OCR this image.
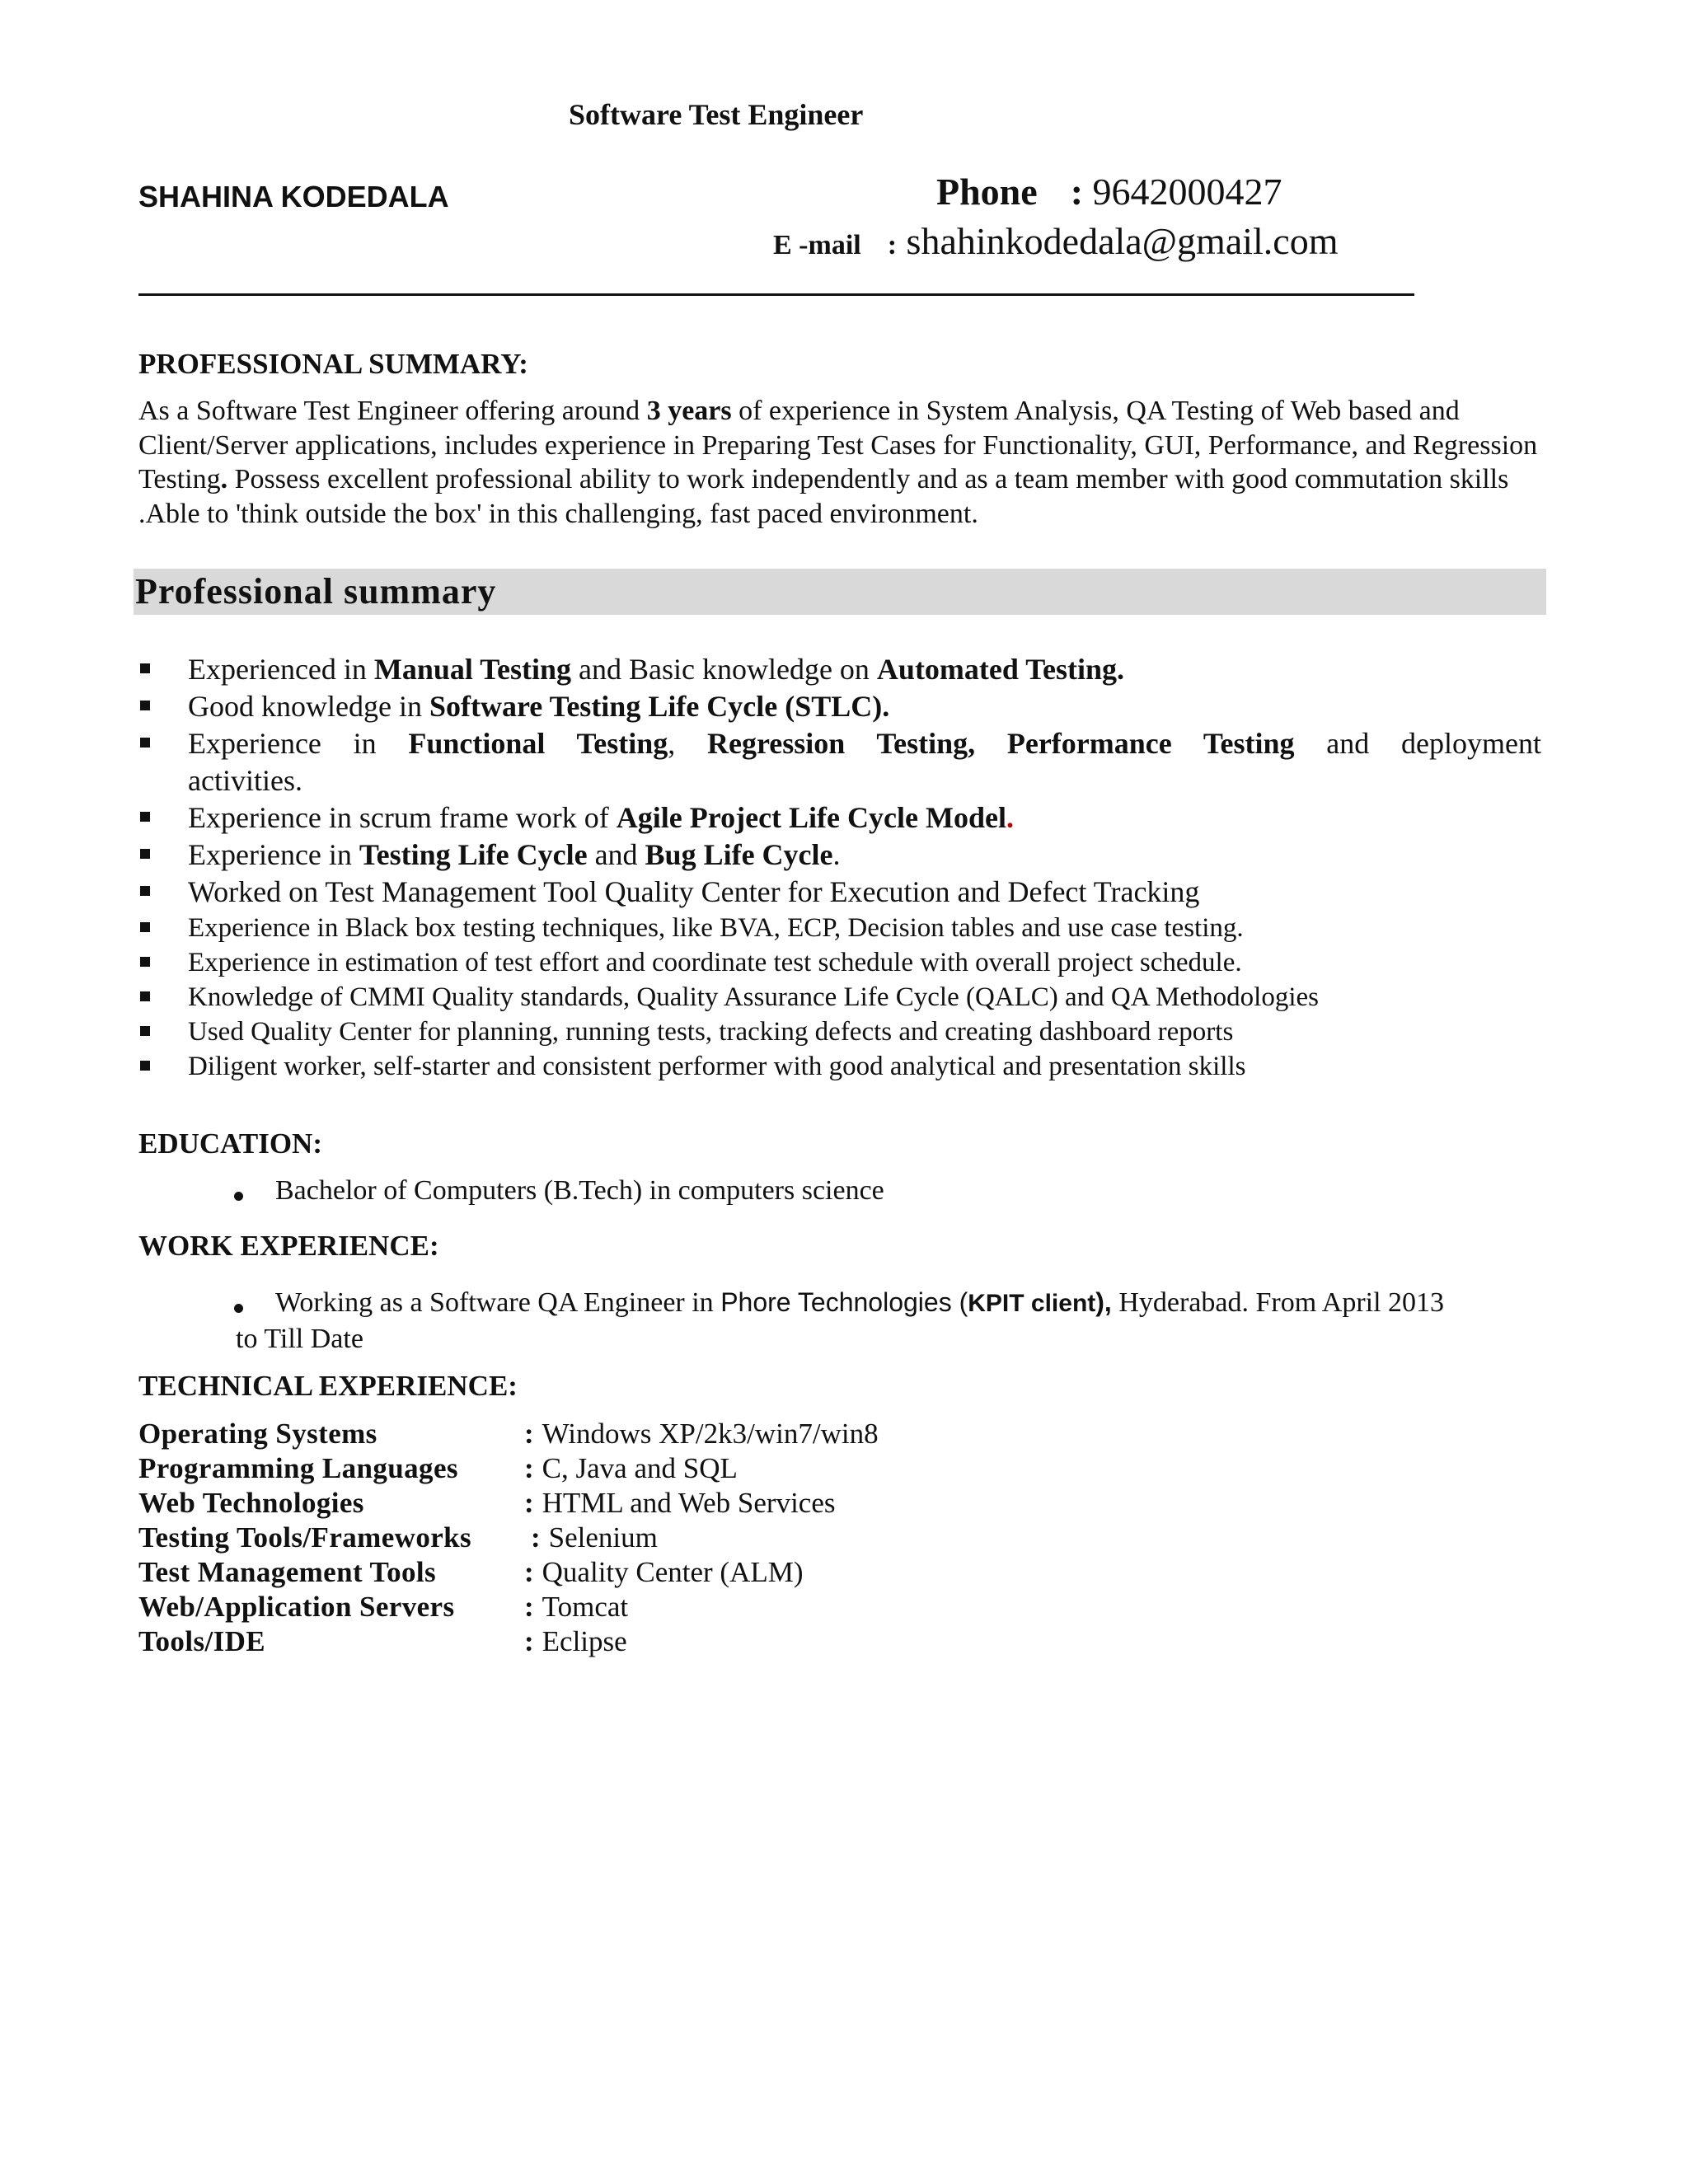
Software Test Engineer
SHAHINA KODEDALA	Phone : 9642000427
E -mail : shahinkodedala@gmail.com
PROFESSIONAL SUMMARY:
As a Software Test Engineer offering around 3 years of experience in System Analysis, QA Testing of Web based and Client/Server applications, includes experience in Preparing Test Cases for Functionality, GUI, Performance, and Regression Testing. Possess excellent professional ability to work independently and as a team member with good commutation skills .Able to 'think outside the box' in this challenging, fast paced environment.
Professional summary
Experienced in Manual Testing and Basic knowledge on Automated Testing.
Good knowledge in Software Testing Life Cycle (STLC).
Experience in Functional Testing, Regression Testing, Performance Testing and deployment
activities.
Experience in scrum frame work of Agile Project Life Cycle Model.
Experience in Testing Life Cycle and Bug Life Cycle.
Worked on Test Management Tool Quality Center for Execution and Defect Tracking
Experience in Black box testing techniques, like BVA, ECP, Decision tables and use case testing.
Experience in estimation of test effort and coordinate test schedule with overall project schedule.
Knowledge of CMMI Quality standards, Quality Assurance Life Cycle (QALC) and QA Methodologies
Used Quality Center for planning, running tests, tracking defects and creating dashboard reports
Diligent worker, self-starter and consistent performer with good analytical and presentation skills
EDUCATION:
Bachelor of Computers (B.Tech) in computers science
WORK EXPERIENCE:
Working as a Software QA Engineer in Phore Technologies (KPIT client), Hyderabad. From April 2013
to Till Date
TECHNICAL EXPERIENCE:
Operating Systems	: Windows XP/2k3/win7/win8
Programming Languages : C, Java and SQL
Web Technologies	: HTML and Web Services
Testing Tools/Frameworks : Selenium
Test Management Tools	: Quality Center (ALM)
Web/Application Servers : Tomcat
Tools/IDE	: Eclipse
